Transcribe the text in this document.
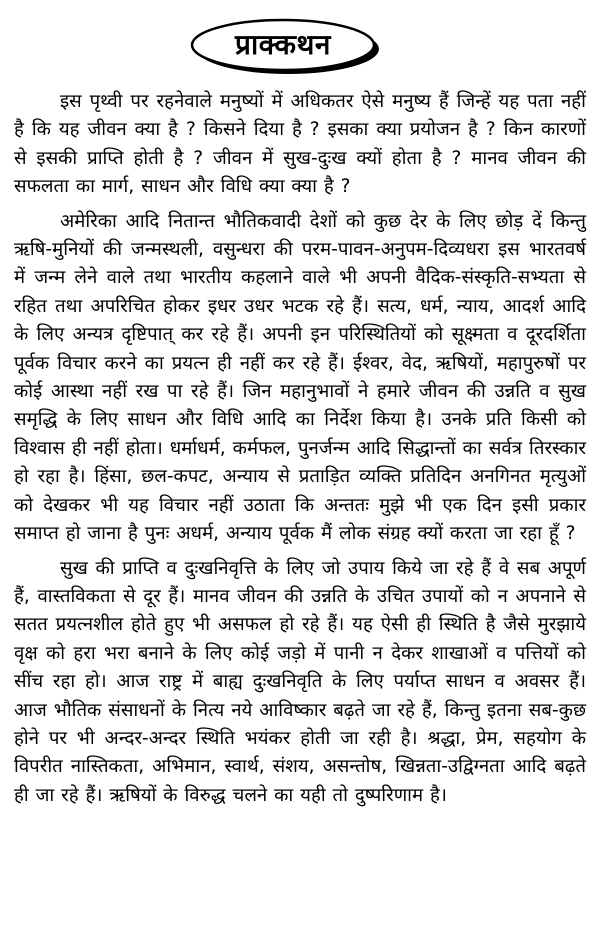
प्राक्कथन

इस पृथ्वी पर रहनेवाले मनुष्यों में अधिकतर ऐसे मनुष्य हैं जिन्हें यह पता नहीं है कि यह जीवन क्या है ? किसने दिया है ? इसका क्या प्रयोजन है ? किन कारणों से इसकी प्राप्ति होती है ? जीवन में सुख-दुःख क्यों होता है ? मानव जीवन की सफलता का मार्ग, साधन और विधि क्या क्या है ?

अमेरिका आदि नितान्त भौतिकवादी देशों को कुछ देर के लिए छोड़ दें किन्तु ऋषि-मुनियों की जन्मस्थली, वसुन्धरा की परम-पावन-अनुपम-दिव्यधरा इस भारतवर्ष में जन्म लेने वाले तथा भारतीय कहलाने वाले भी अपनी वैदिक-संस्कृति-सभ्यता से रहित तथा अपरिचित होकर इधर उधर भटक रहे हैं। सत्य, धर्म, न्याय, आदर्श आदि के लिए अन्यत्र दृष्टिपात् कर रहे हैं। अपनी इन परिस्थितियों को सूक्ष्मता व दूरदर्शिता पूर्वक विचार करने का प्रयत्न ही नहीं कर रहे हैं। ईश्वर, वेद, ऋषियों, महापुरुषों पर कोई आस्था नहीं रख पा रहे हैं। जिन महानुभावों ने हमारे जीवन की उन्नति व सुख समृद्धि के लिए साधन और विधि आदि का निर्देश किया है। उनके प्रति किसी को विश्वास ही नहीं होता। धर्माधर्म, कर्मफल, पुनर्जन्म आदि सिद्धान्तों का सर्वत्र तिरस्कार हो रहा है। हिंसा, छल-कपट, अन्याय से प्रताड़ित व्यक्ति प्रतिदिन अनगिनत मृत्युओं को देखकर भी यह विचार नहीं उठाता कि अन्ततः मुझे भी एक दिन इसी प्रकार समाप्त हो जाना है पुनः अधर्म, अन्याय पूर्वक मैं लोक संग्रह क्यों करता जा रहा हूँ ?

सुख की प्राप्ति व दुःखनिवृत्ति के लिए जो उपाय किये जा रहे हैं वे सब अपूर्ण हैं, वास्तविकता से दूर हैं। मानव जीवन की उन्नति के उचित उपायों को न अपनाने से सतत प्रयत्नशील होते हुए भी असफल हो रहे हैं। यह ऐसी ही स्थिति है जैसे मुरझाये वृक्ष को हरा भरा बनाने के लिए कोई जड़ो में पानी न देकर शाखाओं व पत्तियों को सींच रहा हो। आज राष्ट्र में बाह्य दुःखनिवृति के लिए पर्याप्त साधन व अवसर हैं। आज भौतिक संसाधनों के नित्य नये आविष्कार बढ़ते जा रहे हैं, किन्तु इतना सब-कुछ होने पर भी अन्दर-अन्दर स्थिति भयंकर होती जा रही है। श्रद्धा, प्रेम, सहयोग के विपरीत नास्तिकता, अभिमान, स्वार्थ, संशय, असन्तोष, खिन्नता-उद्विग्नता आदि बढ़ते ही जा रहे हैं। ऋषियों के विरुद्ध चलने का यही तो दुष्परिणाम है।
